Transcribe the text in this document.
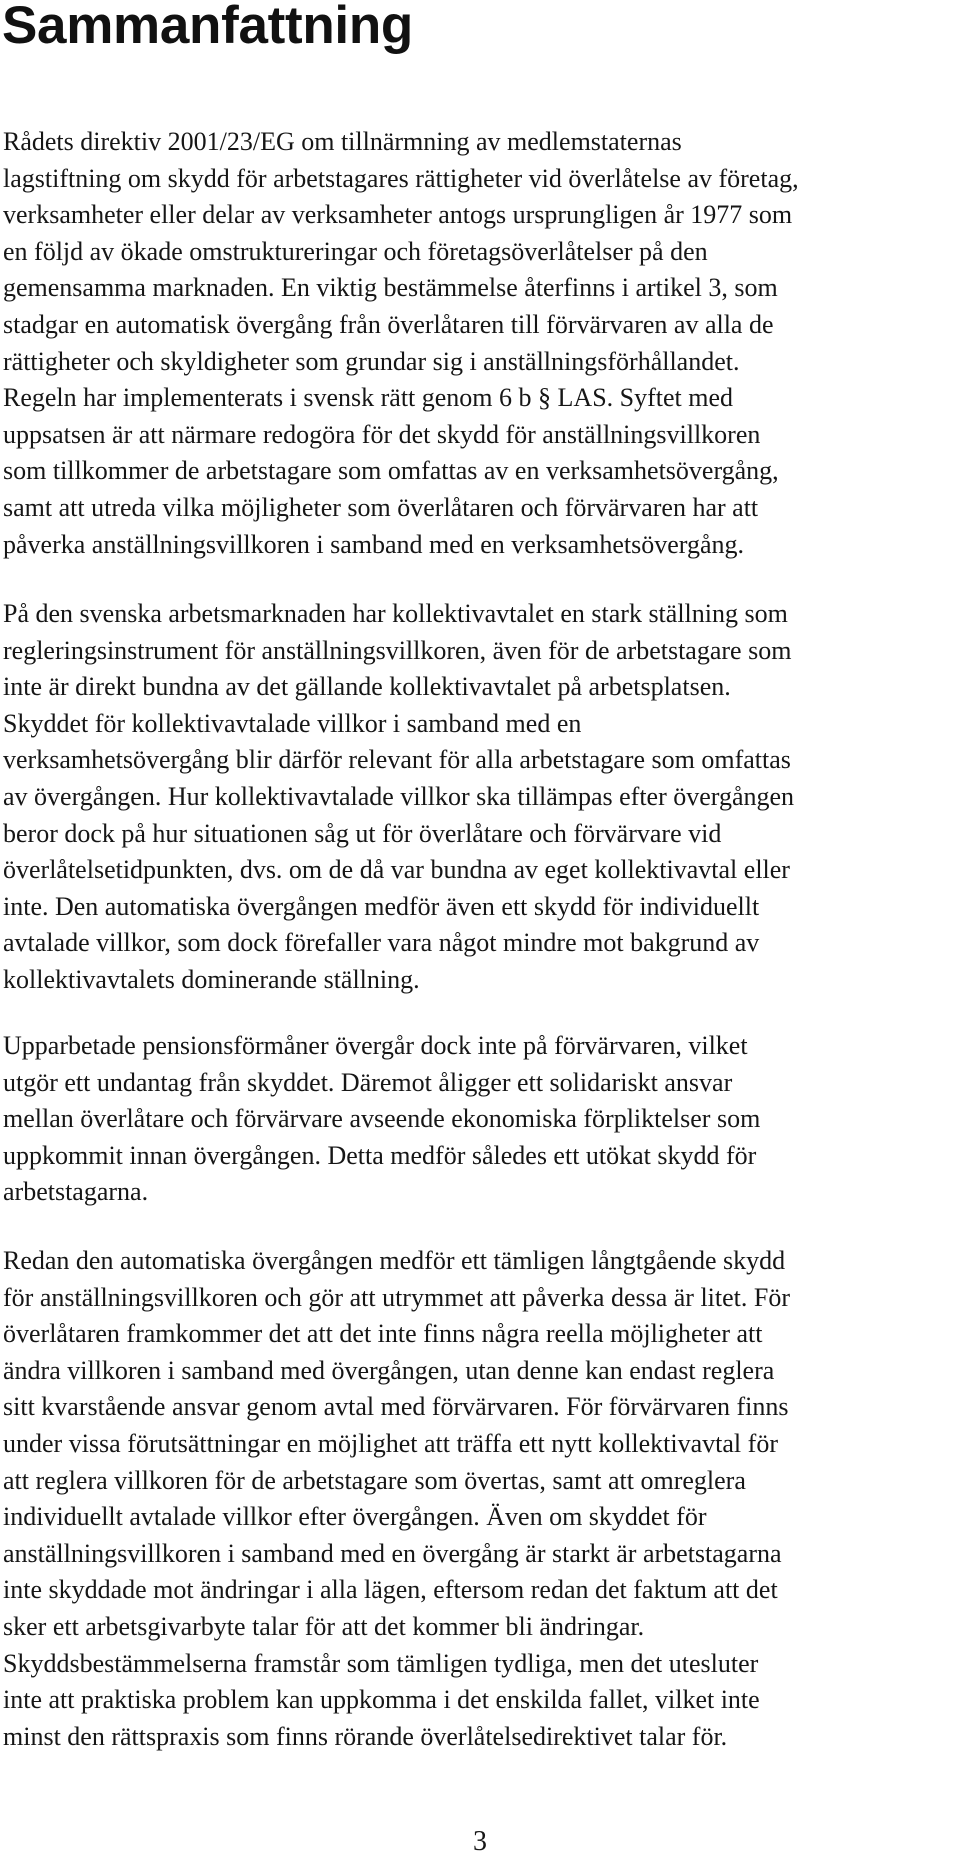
Sammanfattning

Rådets direktiv 2001/23/EG om tillnärmning av medlemstaternas
lagstiftning om skydd för arbetstagares rättigheter vid överlåtelse av företag,
verksamheter eller delar av verksamheter antogs ursprungligen år 1977 som
en följd av ökade omstruktureringar och företagsöverlåtelser på den
gemensamma marknaden. En viktig bestämmelse återfinns i artikel 3, som
stadgar en automatisk övergång från överlåtaren till förvärvaren av alla de
rättigheter och skyldigheter som grundar sig i anställningsförhållandet.
Regeln har implementerats i svensk rätt genom 6 b § LAS. Syftet med
uppsatsen är att närmare redogöra för det skydd för anställningsvillkoren
som tillkommer de arbetstagare som omfattas av en verksamhetsövergång,
samt att utreda vilka möjligheter som överlåtaren och förvärvaren har att
påverka anställningsvillkoren i samband med en verksamhetsövergång.

På den svenska arbetsmarknaden har kollektivavtalet en stark ställning som
regleringsinstrument för anställningsvillkoren, även för de arbetstagare som
inte är direkt bundna av det gällande kollektivavtalet på arbetsplatsen.
Skyddet för kollektivavtalade villkor i samband med en
verksamhetsövergång blir därför relevant för alla arbetstagare som omfattas
av övergången. Hur kollektivavtalade villkor ska tillämpas efter övergången
beror dock på hur situationen såg ut för överlåtare och förvärvare vid
överlåtelsetidpunkten, dvs. om de då var bundna av eget kollektivavtal eller
inte. Den automatiska övergången medför även ett skydd för individuellt
avtalade villkor, som dock förefaller vara något mindre mot bakgrund av
kollektivavtalets dominerande ställning.

Upparbetade pensionsförmåner övergår dock inte på förvärvaren, vilket
utgör ett undantag från skyddet. Däremot åligger ett solidariskt ansvar
mellan överlåtare och förvärvare avseende ekonomiska förpliktelser som
uppkommit innan övergången. Detta medför således ett utökat skydd för
arbetstagarna.

Redan den automatiska övergången medför ett tämligen långtgående skydd
för anställningsvillkoren och gör att utrymmet att påverka dessa är litet. För
överlåtaren framkommer det att det inte finns några reella möjligheter att
ändra villkoren i samband med övergången, utan denne kan endast reglera
sitt kvarstående ansvar genom avtal med förvärvaren. För förvärvaren finns
under vissa förutsättningar en möjlighet att träffa ett nytt kollektivavtal för
att reglera villkoren för de arbetstagare som övertas, samt att omreglera
individuellt avtalade villkor efter övergången. Även om skyddet för
anställningsvillkoren i samband med en övergång är starkt är arbetstagarna
inte skyddade mot ändringar i alla lägen, eftersom redan det faktum att det
sker ett arbetsgivarbyte talar för att det kommer bli ändringar.
Skyddsbestämmelserna framstår som tämligen tydliga, men det utesluter
inte att praktiska problem kan uppkomma i det enskilda fallet, vilket inte
minst den rättspraxis som finns rörande överlåtelsedirektivet talar för.

3
